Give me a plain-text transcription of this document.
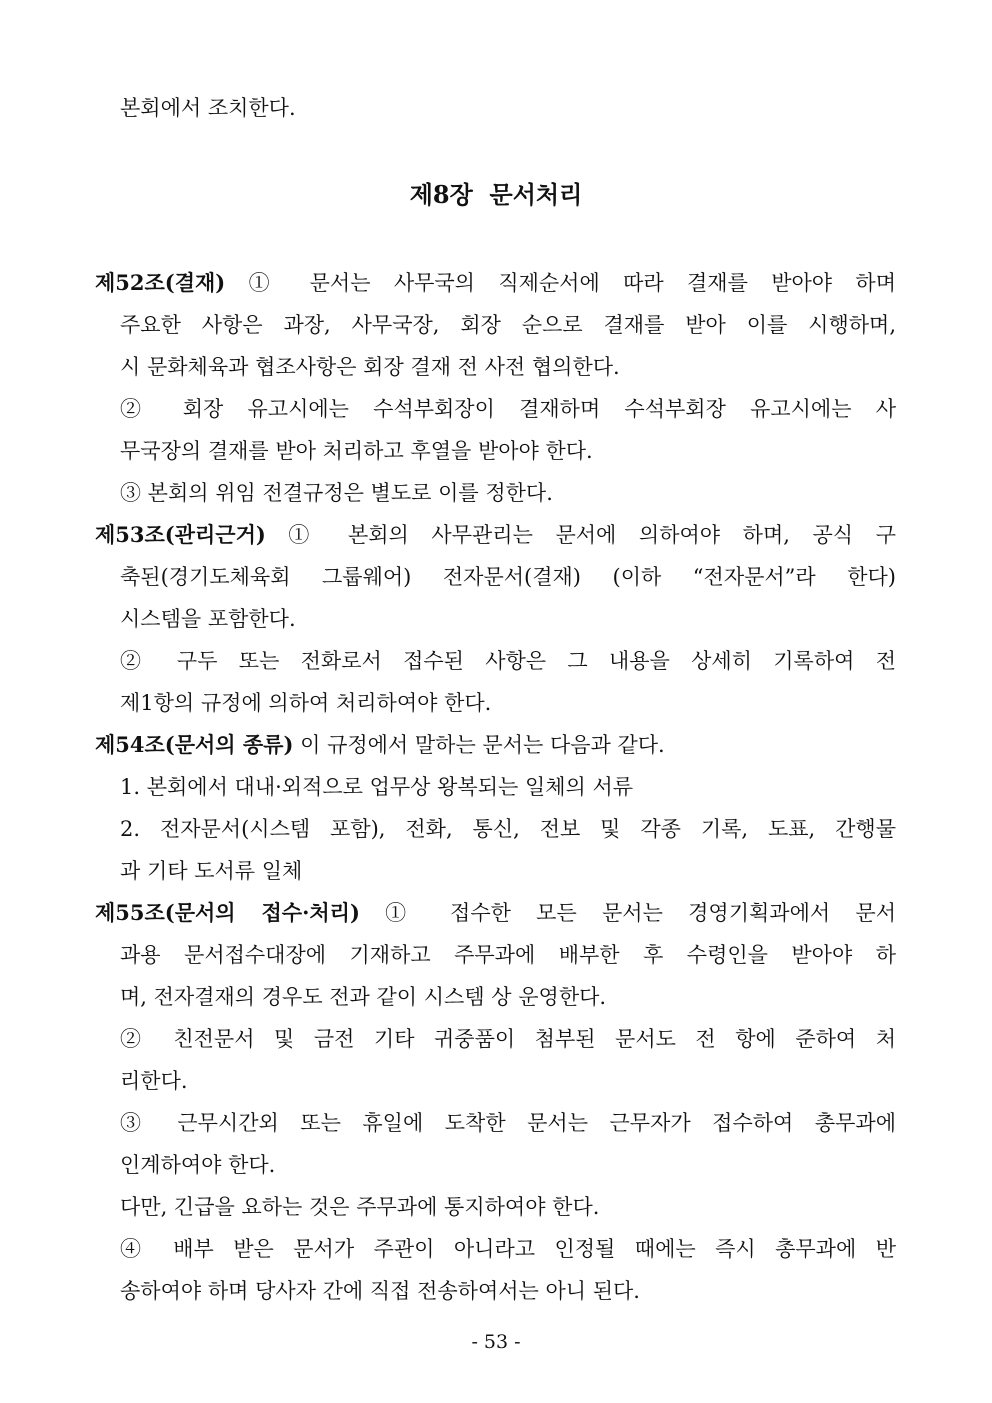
본회에서 조치한다.
제8장  문서처리
제52조(결재) ① 문서는 사무국의 직제순서에 따라 결재를 받아야 하며
주요한 사항은 과장, 사무국장, 회장 순으로 결재를 받아 이를 시행하며,
시 문화체육과 협조사항은 회장 결재 전 사전 협의한다.
② 회장 유고시에는 수석부회장이 결재하며 수석부회장 유고시에는 사
무국장의 결재를 받아 처리하고 후열을 받아야 한다.
③ 본회의 위임 전결규정은 별도로 이를 정한다.
제53조(관리근거) ① 본회의 사무관리는 문서에 의하여야 하며, 공식 구
축된(경기도체육회 그룹웨어) 전자문서(결재) (이하 “전자문서”라 한다)
시스템을 포함한다.
② 구두 또는 전화로서 접수된 사항은 그 내용을 상세히 기록하여 전
제1항의 규정에 의하여 처리하여야 한다.
제54조(문서의 종류) 이 규정에서 말하는 문서는 다음과 같다.
1. 본회에서 대내·외적으로 업무상 왕복되는 일체의 서류
2. 전자문서(시스템 포함), 전화, 통신, 전보 및 각종 기록, 도표, 간행물
과 기타 도서류 일체
제55조(문서의 접수·처리) ① 접수한 모든 문서는 경영기획과에서 문서
과용 문서접수대장에 기재하고 주무과에 배부한 후 수령인을 받아야 하
며, 전자결재의 경우도 전과 같이 시스템 상 운영한다.
② 친전문서 및 금전 기타 귀중품이 첨부된 문서도 전 항에 준하여 처
리한다.
③ 근무시간외 또는 휴일에 도착한 문서는 근무자가 접수하여 총무과에
인계하여야 한다.
다만, 긴급을 요하는 것은 주무과에 통지하여야 한다.
④ 배부 받은 문서가 주관이 아니라고 인정될 때에는 즉시 총무과에 반
송하여야 하며 당사자 간에 직접 전송하여서는 아니 된다.
- 53 -
